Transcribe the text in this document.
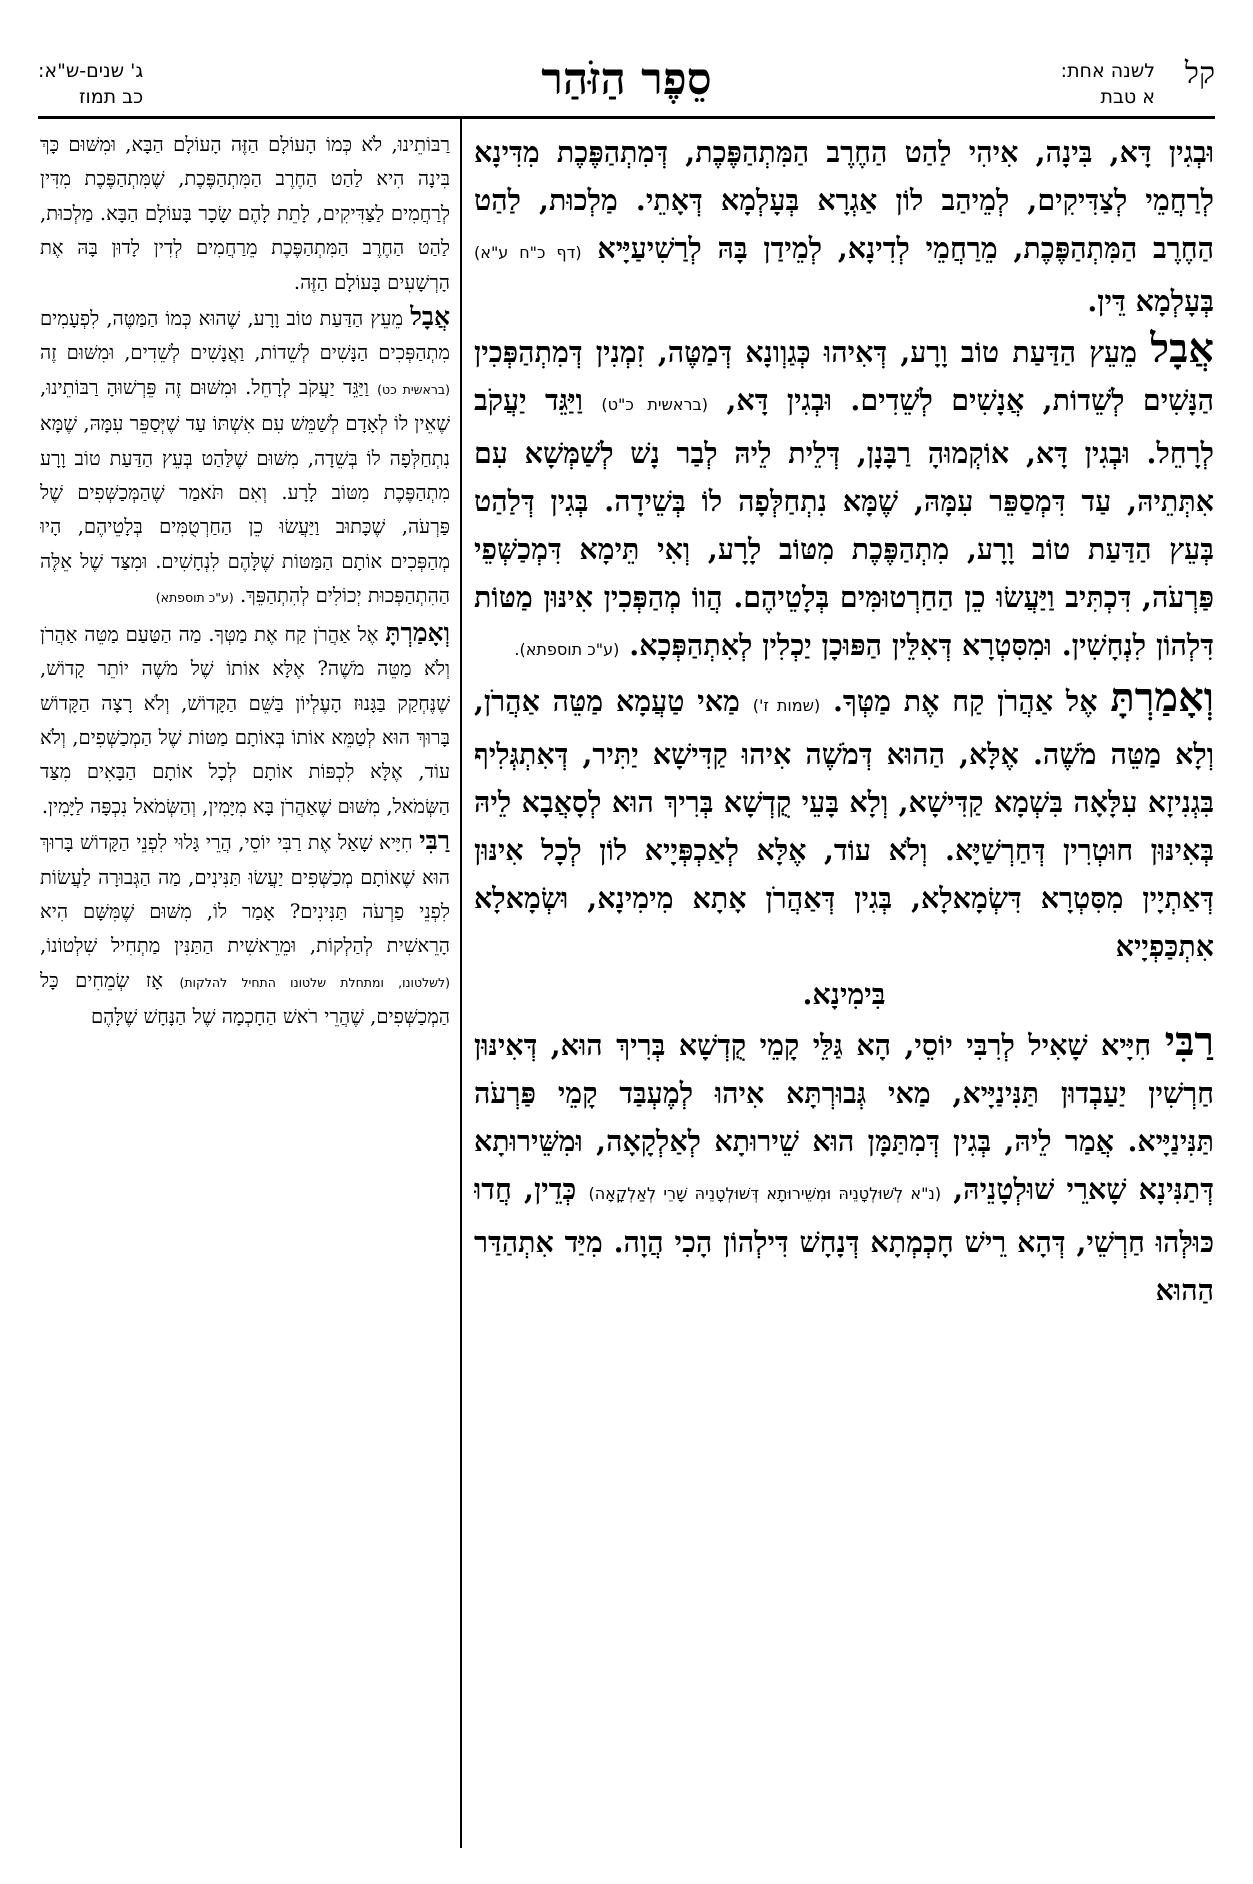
סֵפֶר הַזֹּהַר	קל
לשנה אחת:
א טבת
ג' שנים-ש"א:
כב תמוז

וּבְגִין דָּא, בִּינָה, אִיהִי לַהַט הַחֶרֶב הַמִּתְהַפֶּכֶת, דְּמִתְהַפֶּכֶת מִדִּינָא לְרַחֲמֵי לְצַדִּיקִים, לְמֵיהַב לוֹן אַגְרָא בְּעָלְמָא דְּאָתֵי. מַלְכוּת, לַהַט הַחֶרֶב הַמִּתְהַפֶּכֶת, מֵרַחֲמֵי לְדִינָא, לְמֵידַן בָּהּ לְרַשִׁיעַיָּיא (דף כ"ח ע"א) בְּעָלְמָא דֵּין.

אֲבָל מֵעֵץ הַדַּעַת טוֹב וָרָע, דְּאִיהוּ כְּגַוְונָא דְּמַטֶּה, זִמְנִין דְּמִתְהַפְּכִין הַנָּשִׁים לְשֵׁדוֹת, אֲנָשִׁים לְשֵׁדִים. וּבְגִין דָּא, (בראשית כ"ט) וַיַּגֵּד יַעֲקֹב לְרָחֵל. וּבְגִין דָּא, אוֹקְמוּהָ רַבָּנָן, דְּלֵית לֵיהּ לְבַר נָשׁ לְשַׁמְּשָׁא עִם אִתְּתֵיהּ, עַד דִּמְסַפֵּר עִמָּהּ, שֶׁמָּא נִתְחַלְּפָה לוֹ בְּשֵׁידָה. בְּגִין דְּלַהַט בְּעֵץ הַדַּעַת טוֹב וָרָע, מִתְהַפֶּכֶת מִטּוֹב לָרָע, וְאִי תֵּימָא דִּמְכַשְּׁפֵי פַּרְעֹה, דִּכְתִּיב וַיַּעֲשׂוּ כֵן הַחַרְטוּמִּים בְּלָטֵיהֶם. הֲווֹ מְהַפְּכִין אִינּוּן מַטּוֹת דִּלְהוֹן לִנְחָשִׁין. וּמִסִּטְרָא דְּאִלֵּין הַפּוּכָן יַכְלִין לְאִתְהַפְּכָא. (ע"כ תוספתא).

וְאָמַרְתָּ אֶל אַהֲרֹן קַח אֶת מַטְּךָ. (שמות ז') מַאי טַעֲמָא מַטֵּה אַהֲרֹן, וְלָא מַטֵּה מֹשֶׁה. אֶלָּא, הַהוּא דְּמֹשֶׁה אִיהוּ קַדִּישָׁא יַתִּיר, דְּאִתְגְּלִיף בִּגְנִיזָא עִלָּאָה בִּשְׁמָא קַדִּישָׁא, וְלָא בָּעֵי קֻדְשָׁא בְּרִיךְ הוּא לְסָאֲבָא לֵיהּ בְּאִינּוּן חוּטְרִין דְּחַרְשַׁיָּא. וְלֹא עוֹד, אֶלָּא לְאַכְפְּיָיא לוֹן לְכָל אִינּוּן דְּאַתְיָין מִסִּטְרָא דִּשְׂמָאלָא, בְּגִין דְּאַהֲרֹן אָתָא מִימִינָא, וּשְׂמָאלָא אִתְכַּפְיָיא

בִּימִינָא.

רַבִּי חִיָּיא שָׁאִיל לְרִבִּי יוֹסֵי, הָא גַּלֵּי קָמֵי קֻדְשָׁא בְּרִיךְ הוּא, דְּאִינּוּן חַרְשִׁין יַעַבְדוּן תַּנִּינַיָּיא, מַאי גְּבוּרְתָּא אִיהוּ לְמֶעְבַּד קָמֵי פַּרְעֹה תַּנִּינַיָּיא. אֲמַר לֵיהּ, בְּגִין דְּמִתַּמָּן הוּא שֵׁירוּתָא לְאַלְקָאָה, וּמִשֵּׁירוּתָא דְּתַנִּינָא שָׁארֵי שׁוּלְטָנֵיהּ, (נ"א לְשׁוּלְטָנֵיהּ וּמִשֵּׁירוּתָא דְּשׁוּלְטָנֵיהּ שָׁרֵי לְאַלְקָאָה) כְּדֵין, חֲדוּ כּוּלְּהוּ חַרְשֵׁי, דְּהָא רֵישׁ חָכְמְתָא דְּנָחָשׁ דִּילְהוֹן הָכִי הֲוָה. מִיַּד אִתְהַדַּר הַהוּא

רַבּוֹתֵינוּ, לֹא כְּמוֹ הָעוֹלָם הַזֶּה הָעוֹלָם הַבָּא, וּמִשּׁוּם כָּךְ בִּינָה הִיא לַהַט הַחֶרֶב הַמִּתְהַפֶּכֶת, שֶׁמִּתְהַפֶּכֶת מִדִּין לְרַחֲמִים לַצַּדִּיקִים, לָתֵת לָהֶם שָׂכָר בָּעוֹלָם הַבָּא. מַלְכוּת, לַהַט הַחֶרֶב הַמִּתְהַפֶּכֶת מֵרַחֲמִים לְדִין לָדוּן בָּהּ אֶת הָרְשָׁעִים בָּעוֹלָם הַזֶּה.

אֲבָל מֵעֵץ הַדַּעַת טוֹב וָרָע, שֶׁהוּא כְּמוֹ הַמַּטֶּה, לִפְעָמִים מִתְהַפְּכִים הַנָּשִׁים לְשֵׁדוֹת, וַאֲנָשִׁים לְשֵׁדִים, וּמִשּׁוּם זֶה (בראשית כט) וַיַּגֵּד יַעֲקֹב לְרָחֵל. וּמִשּׁוּם זֶה פֵּרְשׁוּהָ רַבּוֹתֵינוּ, שֶׁאֵין לוֹ לְאָדָם לְשַׁמֵּשׁ עִם אִשְׁתּוֹ עַד שֶׁיְּסַפֵּר עִמָּהּ, שֶׁמָּא נִתְחַלְּפָה לוֹ בְּשֵׁדָה, מִשּׁוּם שֶׁלַּהַט בְּעֵץ הַדַּעַת טוֹב וָרָע מִתְהַפֶּכֶת מִטּוֹב לָרָע. וְאִם תֹּאמַר שֶׁהַמְּכַשְּׁפִים שֶׁל פַּרְעֹה, שֶׁכָּתוּב וַיַּעֲשׂוּ כֵן הַחַרְטֻמִּים בְּלָטֵיהֶם, הָיוּ מְהַפְּכִים אוֹתָם הַמַּטּוֹת שֶׁלָּהֶם לִנְחָשִׁים. וּמִצַּד שֶׁל אֵלֶּה הַהִתְהַפְּכוּת יְכוֹלִים לְהִתְהַפֵּךְ. (ע"כ תוספתא)

וְאָמַרְתָּ אֶל אַהֲרֹן קַח אֶת מַטְּךָ. מַה הַטַּעַם מַטֵּה אַהֲרֹן וְלֹא מַטֵּה מֹשֶׁה? אֶלָּא אוֹתוֹ שֶׁל מֹשֶׁה יוֹתֵר קָדוֹשׁ, שֶׁנֶּחְקַק בַּגָּנוּז הָעֶלְיוֹן בַּשֵּׁם הַקָּדוֹשׁ, וְלֹא רָצָה הַקָּדוֹשׁ בָּרוּךְ הוּא לְטַמֵּא אוֹתוֹ בְּאוֹתָם מַטּוֹת שֶׁל הַמְכַשְּׁפִים, וְלֹא עוֹד, אֶלָּא לִכְפּוֹת אוֹתָם לְכָל אוֹתָם הַבָּאִים מִצַּד הַשְּׂמֹאל, מִשּׁוּם שֶׁאַהֲרֹן בָּא מִיָּמִין, וְהַשְּׂמֹאל נִכְפָּה לַיָּמִין.

רַבִּי חִיָּיא שָׁאַל אֶת רַבִּי יוֹסֵי, הֲרֵי גָּלוּי לִפְנֵי הַקָּדוֹשׁ בָּרוּךְ הוּא שֶׁאוֹתָם מְכַשְּׁפִים יַעֲשׂוּ תַּנִּינִים, מַה הַגְּבוּרָה לַעֲשׂוֹת לִפְנֵי פַרְעֹה תַּנִּינִים? אָמַר לוֹ, מִשּׁוּם שֶׁמִּשָּׁם הִיא הָרֵאשִׁית לְהַלְקוֹת, וּמֵרֵאשִׁית הַתַּנִּין מַתְחִיל שִׁלְטוֹנוֹ, (לשלטונו, ומתחלת שלטונו התחיל להלקות) אָז שְׂמֵחִים כָּל הַמְכַשְּׁפִים, שֶׁהֲרֵי רֹאשׁ הַחָכְמָה שֶׁל הַנָּחָשׁ שֶׁלָּהֶם
